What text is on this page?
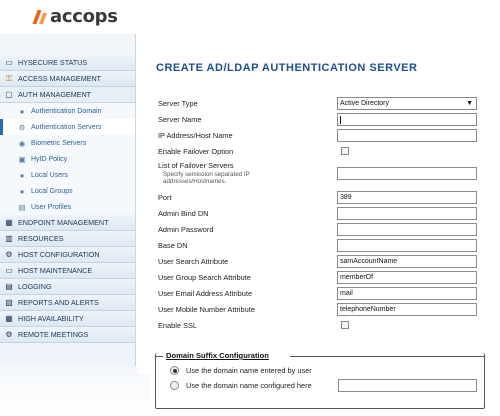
accops
▭ HYSECURE STATUS
⚿ ACCESS MANAGEMENT
▢ AUTH MANAGEMENT
● Authentication Domain
⚙ Authentication Servers
◉ Biometric Servers
▣ HyID Policy
● Local Users
● Local Groups
▤ User Profiles
▦ ENDPOINT MANAGEMENT
▥ RESOURCES
⚙ HOST CONFIGURATION
▭ HOST MAINTENANCE
▤ LOGGING
▧ REPORTS AND ALERTS
▦ HIGH AVAILABILITY
⚙ REMOTE MEETINGS
CREATE AD/LDAP AUTHENTICATION SERVER
Server Type	Active Directory	▼
Server Name
IP Address/Host Name
Enable Failover Option
List of Failover Servers
Specify semicolon separated IP addresses/Hostnames.
Port	389
Admin Bind DN
Admin Password
Base DN
User Search Attribute	samAccountName
User Group Search Attribute	memberOf
User Email Address Attribute	mail
User Mobile Number Attribute	telephoneNumber
Enable SSL
Domain Suffix Configuration
Use the domain name entered by user
Use the domain name configured here
